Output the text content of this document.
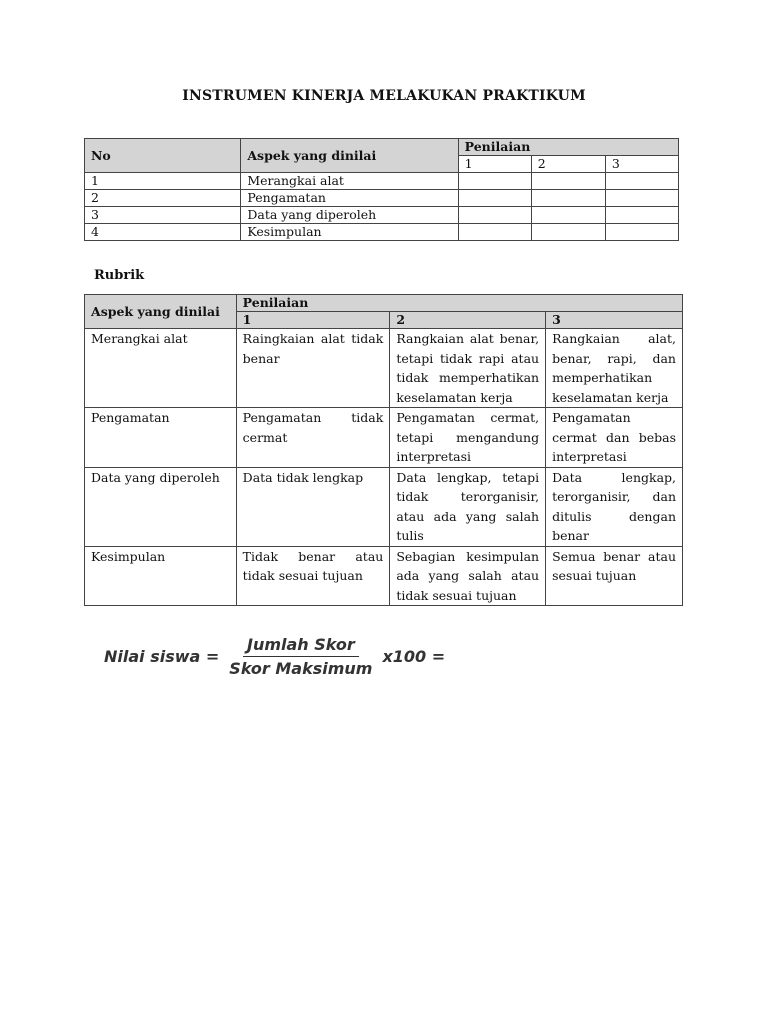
INSTRUMEN KINERJA MELAKUKAN PRAKTIKUM
No	Aspek yang dinilai	Penilaian		
		1	2	3
1	Merangkai alat			
2	Pengamatan			
3	Data yang diperoleh			
4	Kesimpulan			
Rubrik
Aspek yang dinilai	Penilaian		
	1	2	3
Merangkai alat	Raingkaian alat tidak benar	Rangkaian alat benar, tetapi tidak rapi atau tidak memperhatikan keselamatan kerja	Rangkaian alat, benar, rapi, dan memperhatikan keselamatan kerja
Pengamatan	Pengamatan tidak cermat	Pengamatan cermat, tetapi mengandung interpretasi	Pengamatan cermat dan bebas interpretasi
Data yang diperoleh	Data tidak lengkap	Data lengkap, tetapi tidak terorganisir, atau ada yang salah tulis	Data lengkap, terorganisir, dan ditulis dengan benar
Kesimpulan	Tidak benar atau tidak sesuai tujuan	Sebagian kesimpulan ada yang salah atau tidak sesuai tujuan	Semua benar atau sesuai tujuan
Nilai siswa = $\frac{\text{Jumlah Skor}}{\text{Skor Maksimum}} x100$ =
